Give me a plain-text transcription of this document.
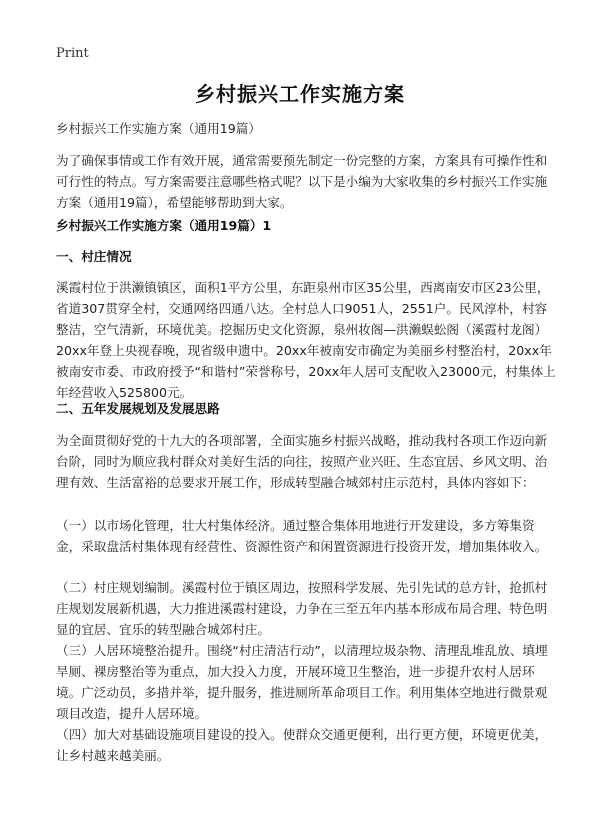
Print
乡村振兴工作实施方案

乡村振兴工作实施方案（通用19篇）

为了确保事情或工作有效开展，通常需要预先制定一份完整的方案，方案具有可操作性和可行性的特点。写方案需要注意哪些格式呢？以下是小编为大家收集的乡村振兴工作实施方案（通用19篇），希望能够帮助到大家。

乡村振兴工作实施方案（通用19篇）1

一、村庄情况

溪霞村位于洪濑镇镇区，面积1平方公里，东距泉州市区35公里，西离南安市区23公里，省道307贯穿全村，交通网络四通八达。全村总人口9051人，2551户。民风淳朴，村容整洁，空气清新，环境优美。挖掘历史文化资源，泉州妆阁—洪濑蜈蚣阁（溪霞村龙阁）20xx年登上央视春晚，现省级申遗中。20xx年被南安市确定为美丽乡村整治村，20xx年被南安市委、市政府授予“和谐村”荣誉称号，20xx年人居可支配收入23000元，村集体上年经营收入525800元。

二、五年发展规划及发展思路

为全面贯彻好党的十九大的各项部署，全面实施乡村振兴战略，推动我村各项工作迈向新台阶，同时为顺应我村群众对美好生活的向往，按照产业兴旺、生态宜居、乡风文明、治理有效、生活富裕的总要求开展工作，形成转型融合城郊村庄示范村，具体内容如下：

（一）以市场化管理，壮大村集体经济。通过整合集体用地进行开发建设，多方筹集资金，采取盘活村集体现有经营性、资源性资产和闲置资源进行投资开发，增加集体收入。

（二）村庄规划编制。溪霞村位于镇区周边，按照科学发展、先引先试的总方针，抢抓村庄规划发展新机遇，大力推进溪霞村建设，力争在三至五年内基本形成布局合理、特色明显的宜居、宜乐的转型融合城郊村庄。

（三）人居环境整治提升。围绕“村庄清洁行动”，以清理垃圾杂物、清理乱堆乱放、填埋旱厕、裸房整治等为重点，加大投入力度，开展环境卫生整治，进一步提升农村人居环境。广泛动员，多措并举，提升服务，推进厕所革命项目工作。利用集体空地进行微景观项目改造，提升人居环境。

（四）加大对基础设施项目建设的投入。使群众交通更便利，出行更方便，环境更优美，让乡村越来越美丽。
